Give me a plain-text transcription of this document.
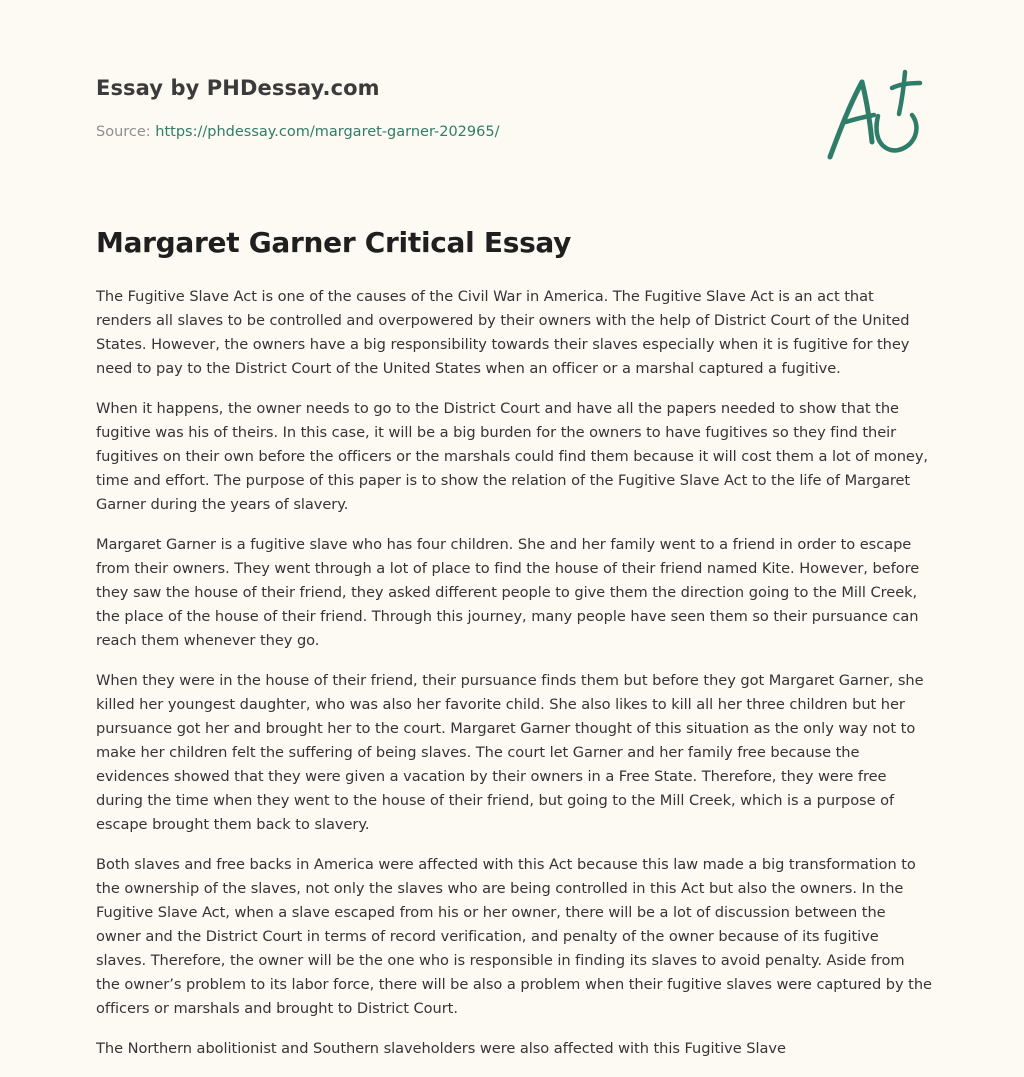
Essay by PHDessay.com
Source: https://phdessay.com/margaret-garner-202965/
Margaret Garner Critical Essay

The Fugitive Slave Act is one of the causes of the Civil War in America. The Fugitive Slave Act is an act that renders all slaves to be controlled and overpowered by their owners with the help of District Court of the United States. However, the owners have a big responsibility towards their slaves especially when it is fugitive for they need to pay to the District Court of the United States when an officer or a marshal captured a fugitive.

When it happens, the owner needs to go to the District Court and have all the papers needed to show that the fugitive was his of theirs. In this case, it will be a big burden for the owners to have fugitives so they find their fugitives on their own before the officers or the marshals could find them because it will cost them a lot of money, time and effort. The purpose of this paper is to show the relation of the Fugitive Slave Act to the life of Margaret Garner during the years of slavery.

Margaret Garner is a fugitive slave who has four children. She and her family went to a friend in order to escape from their owners. They went through a lot of place to find the house of their friend named Kite. However, before they saw the house of their friend, they asked different people to give them the direction going to the Mill Creek, the place of the house of their friend. Through this journey, many people have seen them so their pursuance can reach them whenever they go.

When they were in the house of their friend, their pursuance finds them but before they got Margaret Garner, she killed her youngest daughter, who was also her favorite child. She also likes to kill all her three children but her pursuance got her and brought her to the court. Margaret Garner thought of this situation as the only way not to make her children felt the suffering of being slaves. The court let Garner and her family free because the evidences showed that they were given a vacation by their owners in a Free State. Therefore, they were free during the time when they went to the house of their friend, but going to the Mill Creek, which is a purpose of escape brought them back to slavery.

Both slaves and free backs in America were affected with this Act because this law made a big transformation to the ownership of the slaves, not only the slaves who are being controlled in this Act but also the owners. In the Fugitive Slave Act, when a slave escaped from his or her owner, there will be a lot of discussion between the owner and the District Court in terms of record verification, and penalty of the owner because of its fugitive slaves. Therefore, the owner will be the one who is responsible in finding its slaves to avoid penalty. Aside from the owner’s problem to its labor force, there will be also a problem when their fugitive slaves were captured by the officers or marshals and brought to District Court.

The Northern abolitionist and Southern slaveholders were also affected with this Fugitive Slave
